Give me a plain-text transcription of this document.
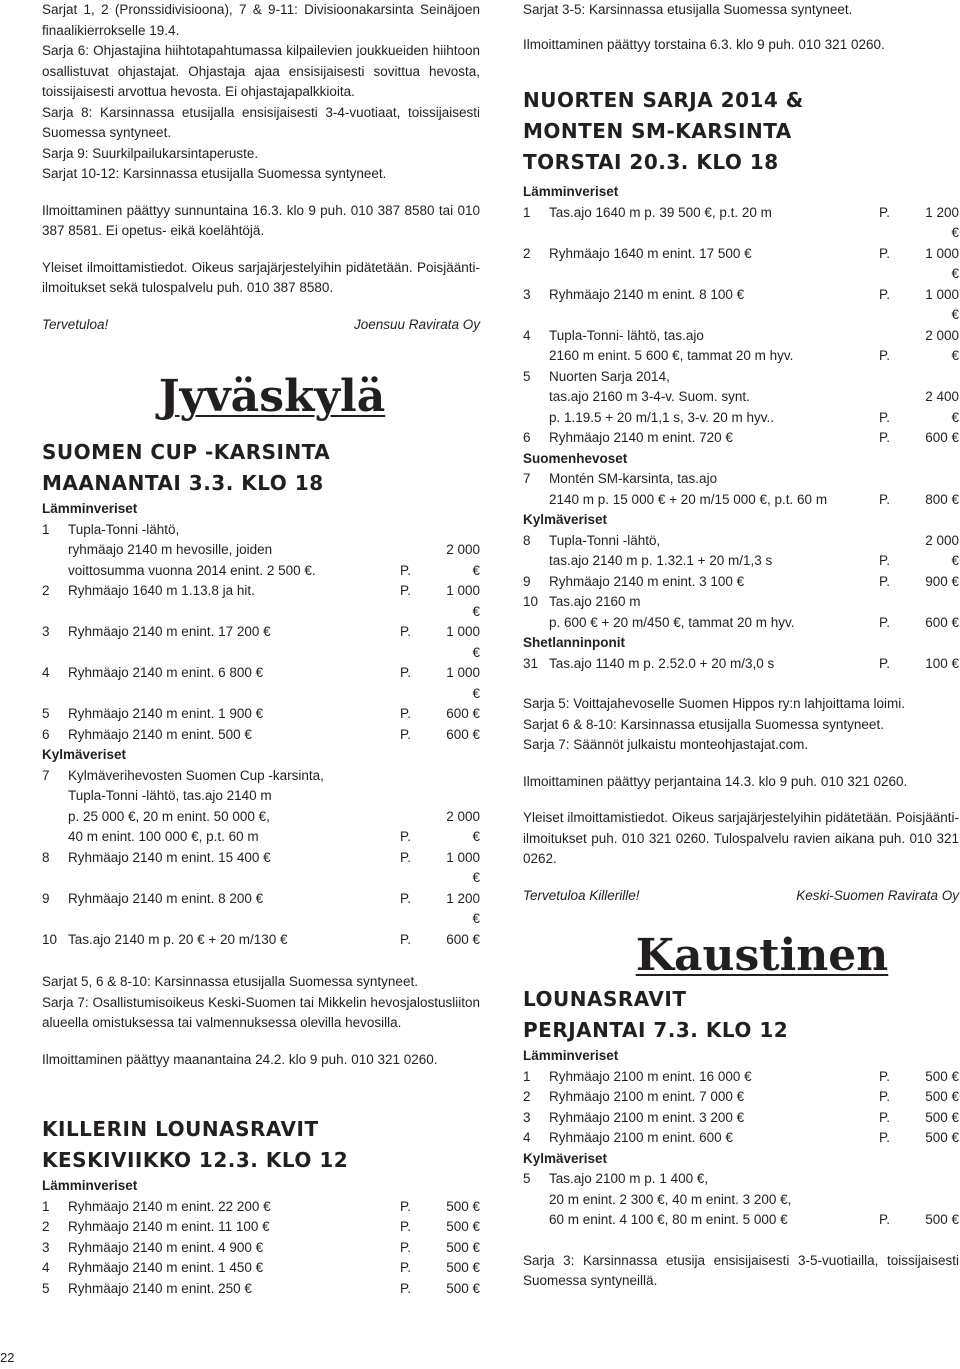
22

Sarjat 1, 2 (Pronssidivisioona), 7 & 9-11: Divisioonakarsinta Seinäjoen finaalikierrokselle 19.4.

Sarja 6: Ohjastajina hiihtotapahtumassa kilpailevien joukkueiden hiihtoon osallistuvat ohjastajat. Ohjastaja ajaa ensisijaisesti sovittua hevosta, toissijaisesti arvottua hevosta. Ei ohjastajapalkkioita.

Sarja 8: Karsinnassa etusijalla ensisijaisesti 3-4-vuotiaat, toissijaisesti Suomessa syntyneet.

Sarja 9: Suurkilpailukarsintaperuste.

Sarjat 10-12: Karsinnassa etusijalla Suomessa syntyneet.

Ilmoittaminen päättyy sunnuntaina 16.3. klo 9 puh. 010 387 8580 tai 010 387 8581. Ei opetus- eikä koelähtöjä.

Yleiset ilmoittamistiedot. Oikeus sarjajärjestelyihin pidätetään. Poisjäänti-ilmoitukset sekä tulospalvelu puh. 010 387 8580.

Tervetuloa!	Joensuu Ravirata Oy
Jyväskylä
SUOMEN CUP -KARSINTA
MAANANTAI 3.3. KLO 18
Lämminveriset
1	Tupla-Tonni -lähtö,
ryhmäajo 2140 m hevosille, joiden
voittosumma vuonna 2014 enint. 2 500 €.	P.
2 000 €
2	Ryhmäajo 1640 m 1.13.8 ja hit.	P.	1 000 €
3	Ryhmäajo 2140 m enint. 17 200 €	P.	1 000 €
4	Ryhmäajo 2140 m enint. 6 800 €	P.	1 000 €
5	Ryhmäajo 2140 m enint. 1 900 €	P.	600 €
6	Ryhmäajo 2140 m enint. 500 €	P.	600 €
Kylmäveriset
7	Kylmäverihevosten Suomen Cup -karsinta,
Tupla-Tonni -lähtö, tas.ajo 2140 m
p. 25 000 €, 20 m enint. 50 000 €,
40 m enint. 100 000 €, p.t. 60 m	P.
2 000 €
8	Ryhmäajo 2140 m enint. 15 400 €	P.	1 000 €
9	Ryhmäajo 2140 m enint. 8 200 €	P.	1 200 €
10 Tas.ajo 2140 m p. 20 € + 20 m/130 €	P.	600 €

Sarjat 5, 6 & 8-10: Karsinnassa etusijalla Suomessa syntyneet.

Sarja 7: Osallistumisoikeus Keski-Suomen tai Mikkelin hevosjalostusliiton alueella omistuksessa tai valmennuksessa olevilla hevosilla.

Ilmoittaminen päättyy maanantaina 24.2. klo 9 puh. 010 321 0260.

KILLERIN LOUNASRAVIT
KESKIVIIKKO 12.3. KLO 12
Lämminveriset
1	Ryhmäajo 2140 m enint. 22 200 €	P.	500 €
2	Ryhmäajo 2140 m enint. 11 100 €	P.	500 €
3	Ryhmäajo 2140 m enint. 4 900 €	P.	500 €
4	Ryhmäajo 2140 m enint. 1 450 €	P.	500 €
5	Ryhmäajo 2140 m enint. 250 €	P.	500 €

Sarjat 3-5: Karsinnassa etusijalla Suomessa syntyneet.

Ilmoittaminen päättyy torstaina 6.3. klo 9 puh. 010 321 0260.

NUORTEN SARJA 2014 &
MONTEN SM-KARSINTA
TORSTAI 20.3. KLO 18
Lämminveriset
1	Tas.ajo 1640 m p. 39 500 €, p.t. 20 m	P.	1 200 €
2	Ryhmäajo 1640 m enint. 17 500 €	P.	1 000 €
3	Ryhmäajo 2140 m enint. 8 100 €	P.	1 000 €
4	Tupla-Tonni- lähtö, tas.ajo
2160 m enint. 5 600 €, tammat 20 m hyv.	P.
2 000 €
5	Nuorten Sarja 2014,
tas.ajo 2160 m 3-4-v. Suom. synt.
p. 1.19.5 + 20 m/1,1 s, 3-v. 20 m hyv..	P.
2 400 €
6	Ryhmäajo 2140 m enint. 720 €	P.	600 €
Suomenhevoset
7	Montén SM-karsinta, tas.ajo
2140 m p. 15 000 € + 20 m/15 000 €, p.t. 60 m	P.	800 €
Kylmäveriset
8	Tupla-Tonni -lähtö,
tas.ajo 2140 m p. 1.32.1 + 20 m/1,3 s	P.
2 000 €
9	Ryhmäajo 2140 m enint. 3 100 €	P.	900 €
10 Tas.ajo 2160 m
p. 600 € + 20 m/450 €, tammat 20 m hyv.	P.	600 €
Shetlanninponit
31 Tas.ajo 1140 m p. 2.52.0 + 20 m/3,0 s	P.	100 €

Sarja 5: Voittajahevoselle Suomen Hippos ry:n lahjoittama loimi.

Sarjat 6 & 8-10: Karsinnassa etusijalla Suomessa syntyneet.

Sarja 7: Säännöt julkaistu monteohjastajat.com.

Ilmoittaminen päättyy perjantaina 14.3. klo 9 puh. 010 321 0260.

Yleiset ilmoittamistiedot. Oikeus sarjajärjestelyihin pidätetään. Poisjäänti-ilmoitukset puh. 010 321 0260. Tulospalvelu ravien aikana puh. 010 321 0262.

Tervetuloa Killerille!	Keski-Suomen Ravirata Oy
Kaustinen
LOUNASRAVIT
PERJANTAI 7.3. KLO 12
Lämminveriset
1	Ryhmäajo 2100 m enint. 16 000 €	P.	500 €
2	Ryhmäajo 2100 m enint. 7 000 €	P.	500 €
3	Ryhmäajo 2100 m enint. 3 200 €	P.	500 €
4	Ryhmäajo 2100 m enint. 600 €	P.	500 €
Kylmäveriset
5	Tas.ajo 2100 m p. 1 400 €,
20 m enint. 2 300 €, 40 m enint. 3 200 €,
60 m enint. 4 100 €, 80 m enint. 5 000 €	P.	500 €

Sarja 3: Karsinnassa etusija ensisijaisesti 3-5-vuotiailla, toissijaisesti Suomessa syntyneillä.
